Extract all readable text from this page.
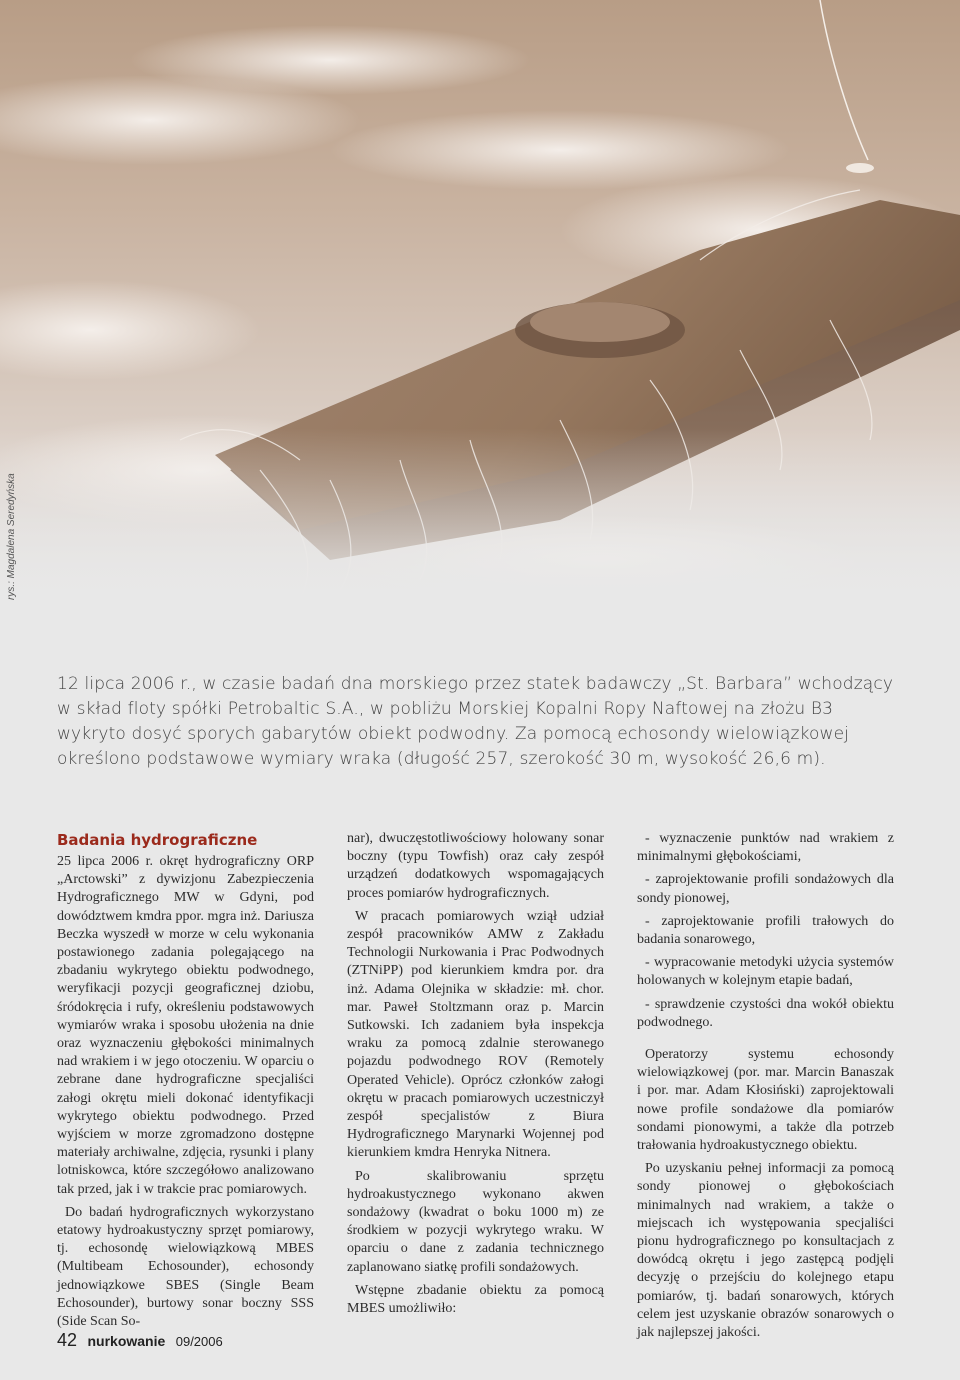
rys.: Magdalena Seredyńska

12 lipca 2006 r., w czasie badań dna morskiego przez statek badawczy „St. Barbara” wchodzący w skład floty spółki Petrobaltic S.A., w pobliżu Morskiej Kopalni Ropy Naftowej na złożu B3 wykryto dosyć sporych gabarytów obiekt podwodny. Za pomocą echosondy wielowiązkowej określono podstawowe wymiary wraka (długość 257, szerokość 30 m, wysokość 26,6 m).

Badania hydrograficzne

25 lipca 2006 r. okręt hydrograficzny ORP „Arctowski” z dywizjonu Zabezpieczenia Hydrograficznego MW w Gdyni, pod dowództwem kmdra ppor. mgra inż. Dariusza Beczka wyszedł w morze w celu wykonania postawionego zadania polegającego na zbadaniu wykrytego obiektu podwodnego, weryfikacji pozycji geograficznej dziobu, śródokręcia i rufy, określeniu podstawowych wymiarów wraka i sposobu ułożenia na dnie oraz wyznaczeniu głębokości minimalnych nad wrakiem i w jego otoczeniu. W oparciu o zebrane dane hydrograficzne specjaliści załogi okrętu mieli dokonać identyfikacji wykrytego obiektu podwodnego. Przed wyjściem w morze zgromadzono dostępne materiały archiwalne, zdjęcia, rysunki i plany lotniskowca, które szczegółowo analizowano tak przed, jak i w trakcie prac pomiarowych.

Do badań hydrograficznych wykorzystano etatowy hydroakustyczny sprzęt pomiarowy, tj. echosondę wielowiązkową MBES (Multibeam Echosounder), echosondy jednowiązkowe SBES (Single Beam Echosounder), burtowy sonar boczny SSS (Side Scan So-

nar), dwuczęstotliwościowy holowany sonar boczny (typu Towfish) oraz cały zespół urządzeń dodatkowych wspomagających proces pomiarów hydrograficznych.

W pracach pomiarowych wziął udział zespół pracowników AMW z Zakładu Technologii Nurkowania i Prac Podwodnych (ZTNiPP) pod kierunkiem kmdra por. dra inż. Adama Olejnika w składzie: mł. chor. mar. Paweł Stoltzmann oraz p. Marcin Sutkowski. Ich zadaniem była inspekcja wraku za pomocą zdalnie sterowanego pojazdu podwodnego ROV (Remotely Operated Vehicle). Oprócz członków załogi okrętu w pracach pomiarowych uczestniczył zespół specjalistów z Biura Hydrograficznego Marynarki Wojennej pod kierunkiem kmdra Henryka Nitnera.

Po skalibrowaniu sprzętu hydroakustycznego wykonano akwen sondażowy (kwadrat o boku 1000 m) ze środkiem w pozycji wykrytego wraku. W oparciu o dane z zadania technicznego zaplanowano siatkę profili sondażowych.

Wstępne zbadanie obiektu za pomocą MBES umożliwiło:

- wyznaczenie punktów nad wrakiem z minimalnymi głębokościami,

- zaprojektowanie profili sondażowych dla sondy pionowej,

- zaprojektowanie profili trałowych do badania sonarowego,

- wypracowanie metodyki użycia systemów holowanych w kolejnym etapie badań,

- sprawdzenie czystości dna wokół obiektu podwodnego.

Operatorzy systemu echosondy wielowiązkowej (por. mar. Marcin Banaszak i por. mar. Adam Kłosiński) zaprojektowali nowe profile sondażowe dla pomiarów sondami pionowymi, a także dla potrzeb trałowania hydroakustycznego obiektu.

Po uzyskaniu pełnej informacji za pomocą sondy pionowej o głębokościach minimalnych nad wrakiem, a także o miejscach ich występowania specjaliści pionu hydrograficznego po konsultacjach z dowódcą okrętu i jego zastępcą podjęli decyzję o przejściu do kolejnego etapu pomiarów, tj. badań sonarowych, których celem jest uzyskanie obrazów sonarowych o jak najlepszej jakości.

42 nurkowanie 09/2006
